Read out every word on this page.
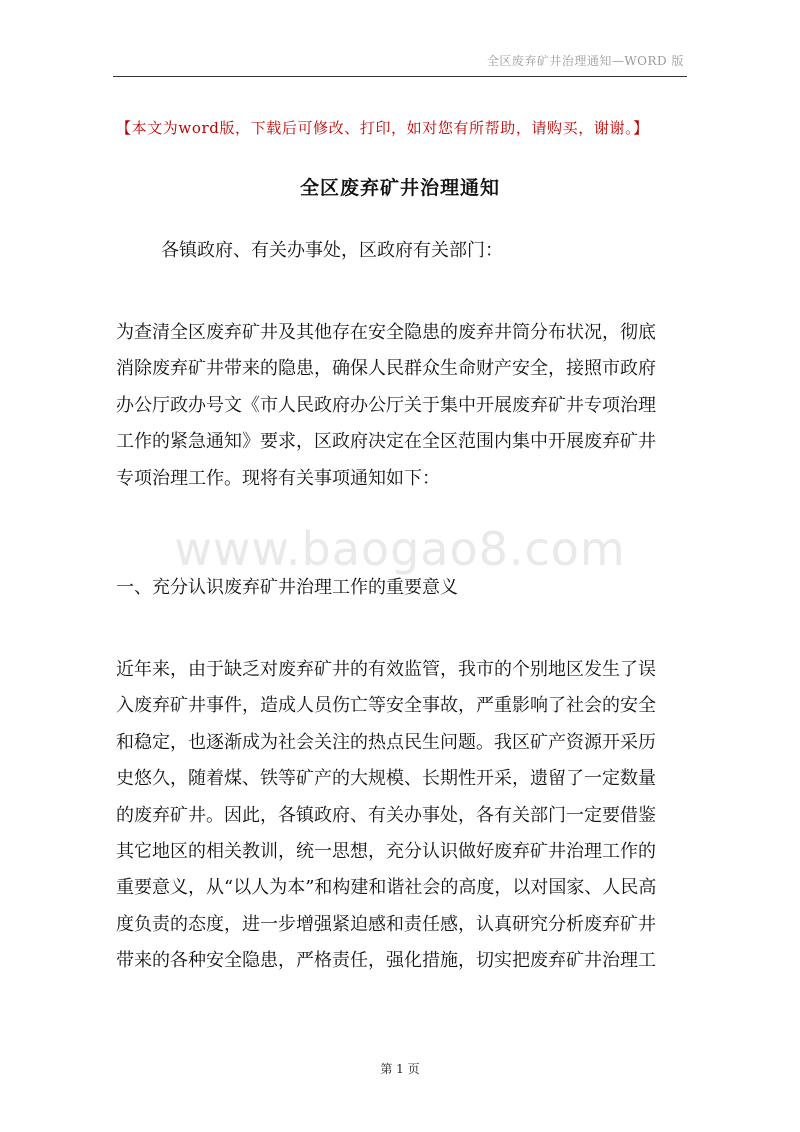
全区废弃矿井治理通知—WORD 版
【本文为word版，下载后可修改、打印，如对您有所帮助，请购买，谢谢。】
全区废弃矿井治理通知
各镇政府、有关办事处，区政府有关部门：
为查清全区废弃矿井及其他存在安全隐患的废弃井筒分布状况，彻底
消除废弃矿井带来的隐患，确保人民群众生命财产安全，接照市政府
办公厅政办号文《市人民政府办公厅关于集中开展废弃矿井专项治理
工作的紧急通知》要求，区政府决定在全区范围内集中开展废弃矿井
专项治理工作。现将有关事项通知如下：
www.baogao8.com
一、充分认识废弃矿井治理工作的重要意义
近年来，由于缺乏对废弃矿井的有效监管，我市的个别地区发生了误
入废弃矿井事件，造成人员伤亡等安全事故，严重影响了社会的安全
和稳定，也逐渐成为社会关注的热点民生问题。我区矿产资源开采历
史悠久，随着煤、铁等矿产的大规模、长期性开采，遗留了一定数量
的废弃矿井。因此，各镇政府、有关办事处，各有关部门一定要借鉴
其它地区的相关教训，统一思想，充分认识做好废弃矿井治理工作的
重要意义，从“以人为本”和构建和谐社会的高度，以对国家、人民高
度负责的态度，进一步增强紧迫感和责任感，认真研究分析废弃矿井
带来的各种安全隐患，严格责任，强化措施，切实把废弃矿井治理工
第 1 页
